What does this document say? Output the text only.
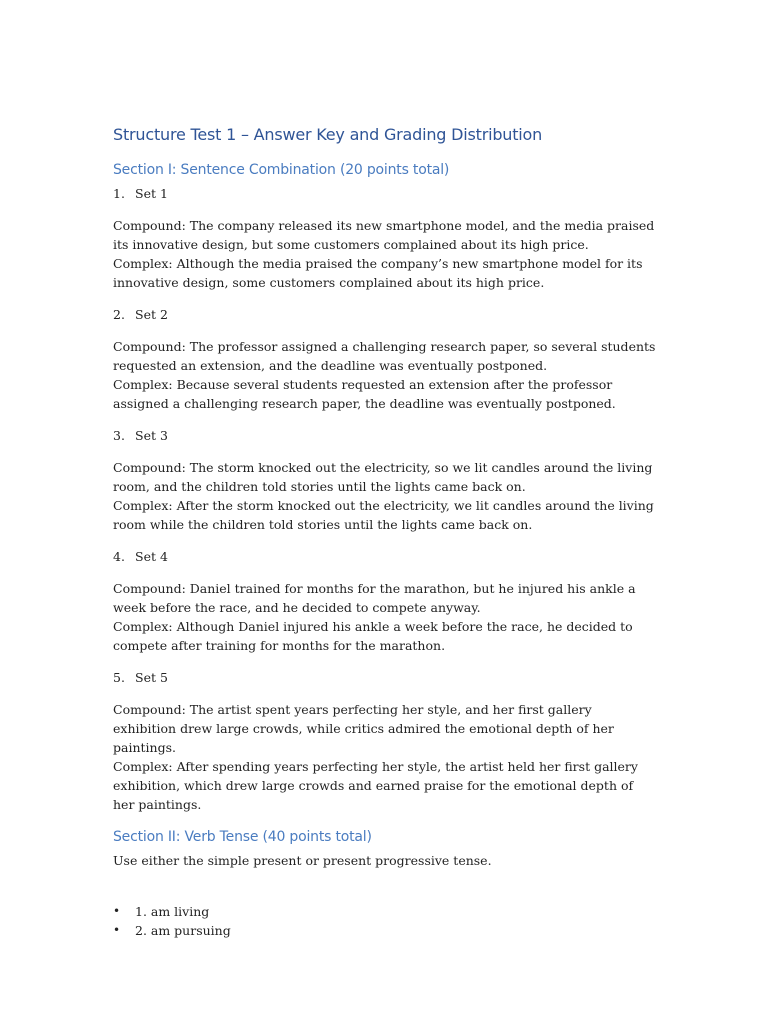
Structure Test 1 – Answer Key and Grading Distribution
Section I: Sentence Combination (20 points total)
1. Set 1

Compound: The company released its new smartphone model, and the media praised its innovative design, but some customers complained about its high price.

Complex: Although the media praised the company’s new smartphone model for its innovative design, some customers complained about its high price.

2. Set 2

Compound: The professor assigned a challenging research paper, so several students requested an extension, and the deadline was eventually postponed.

Complex: Because several students requested an extension after the professor assigned a challenging research paper, the deadline was eventually postponed.

3. Set 3

Compound: The storm knocked out the electricity, so we lit candles around the living room, and the children told stories until the lights came back on.

Complex: After the storm knocked out the electricity, we lit candles around the living room while the children told stories until the lights came back on.

4. Set 4

Compound: Daniel trained for months for the marathon, but he injured his ankle a week before the race, and he decided to compete anyway.

Complex: Although Daniel injured his ankle a week before the race, he decided to compete after training for months for the marathon.

5. Set 5

Compound: The artist spent years perfecting her style, and her first gallery exhibition drew large crowds, while critics admired the emotional depth of her paintings.

Complex: After spending years perfecting her style, the artist held her first gallery exhibition, which drew large crowds and earned praise for the emotional depth of her paintings.

Section II: Verb Tense (40 points total)

Use either the simple present or present progressive tense.

•	1. am living
•	2. am pursuing
